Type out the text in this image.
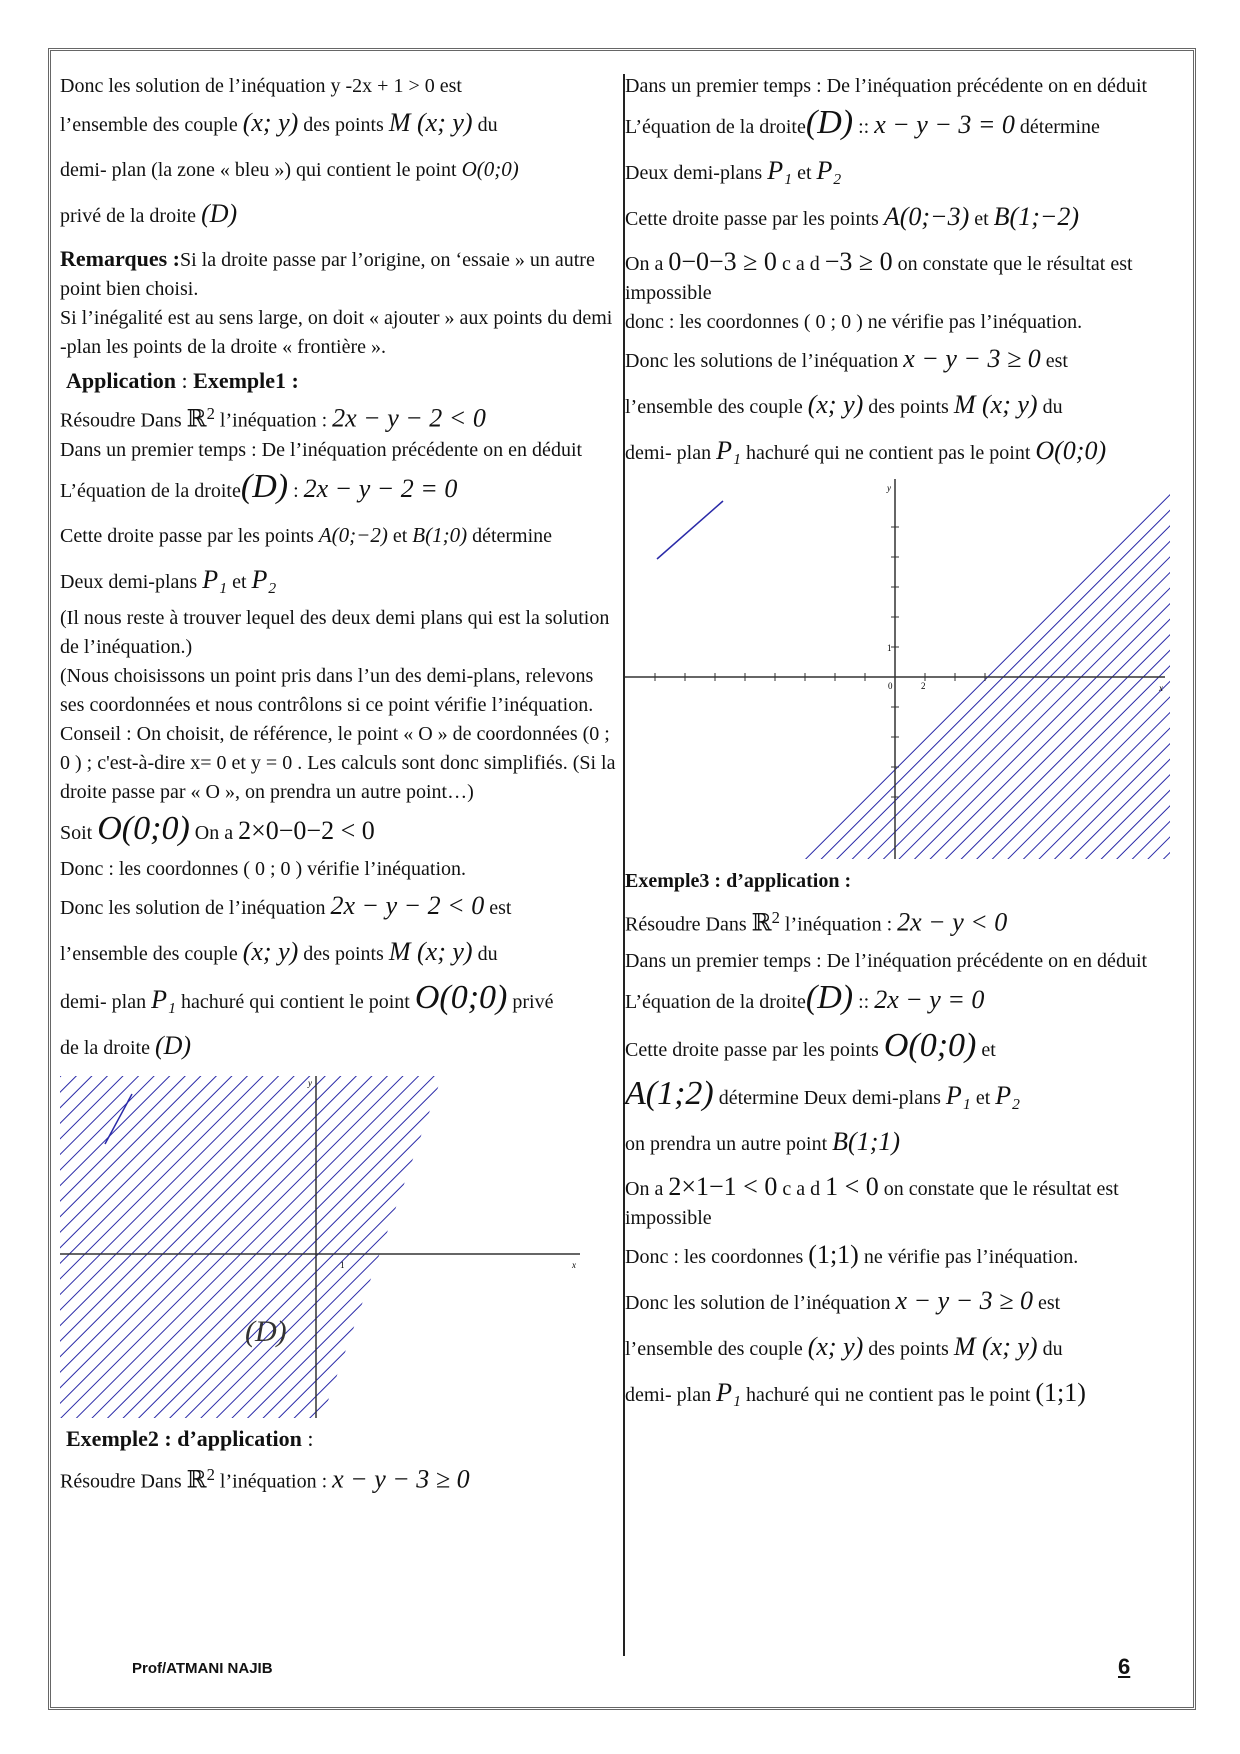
Donc les solution de l’inéquation y -2x + 1 > 0 est

l’ensemble des couple (x; y) des points M (x; y) du

demi- plan (la zone « bleu ») qui contient le point O(0;0)

privé de la droite (D)

Remarques :Si la droite passe par l’origine, on ‘essaie » un autre point bien choisi.

Si l’inégalité est au sens large, on doit « ajouter » aux points du demi -plan les points de la droite « frontière ».

Application : Exemple1 :

Résoudre Dans ℝ$^2$ l’inéquation : 2x − y − 2 < 0

Dans un premier temps : De l’inéquation précédente on en déduit

L’équation de la droite(D) : 2x − y − 2 = 0

Cette droite passe par les points A(0;−2) et B(1;0) détermine

Deux demi-plans P₁ et P₂

(Il nous reste à trouver lequel des deux demi plans qui est la solution de l’inéquation.)

(Nous choisissons un point pris dans l’un des demi-plans, relevons ses coordonnées et nous contrôlons si ce point vérifie l’inéquation.

Conseil : On choisit, de référence, le point « O » de coordonnées (0 ; 0 ) ; c'est-à-dire x= 0 et y = 0 . Les calculs sont donc simplifiés. (Si la droite passe par « O », on prendra un autre point…)

Soit O(0;0) On a 2×0−0−2 < 0

Donc : les coordonnes ( 0 ; 0 ) vérifie l’inéquation.

Donc les solution de l’inéquation 2x − y − 2 < 0 est

l’ensemble des couple (x; y) des points M (x; y) du

demi- plan P₁ hachuré qui contient le point O(0;0) privé

de la droite (D)

y
x
1
(D)

Exemple2 : d’application :

Résoudre Dans ℝ$^2$ l’inéquation : x − y − 3 ≥ 0

Dans un premier temps : De l’inéquation précédente on en déduit

L’équation de la droite(D) :: x − y − 3 = 0 détermine

Deux demi-plans P₁ et P₂

Cette droite passe par les points A(0;−3) et B(1;−2)

On a 0−0−3 ≥ 0 c a d −3 ≥ 0 on constate que le résultat est impossible

donc : les coordonnes ( 0 ; 0 ) ne vérifie pas l’inéquation.

Donc les solutions de l’inéquation x − y − 3 ≥ 0 est

l’ensemble des couple (x; y) des points M (x; y) du

demi- plan P₁ hachuré qui ne contient pas le point O(0;0)

y
x
0	2
1

Exemple3 : d’application :

Résoudre Dans ℝ$^2$ l’inéquation : 2x − y < 0

Dans un premier temps : De l’inéquation précédente on en déduit

L’équation de la droite(D) :: 2x − y = 0

Cette droite passe par les points O(0;0) et

A(1;2) détermine Deux demi-plans P₁ et P₂

on prendra un autre point B(1;1)

On a 2×1−1 < 0 c a d 1 < 0 on constate que le résultat est impossible

Donc : les coordonnes (1;1) ne vérifie pas l’inéquation.

Donc les solution de l’inéquation x − y − 3 ≥ 0 est

l’ensemble des couple (x; y) des points M (x; y) du

demi- plan P₁ hachuré qui ne contient pas le point (1;1)

Prof/ATMANI NAJIB	6
